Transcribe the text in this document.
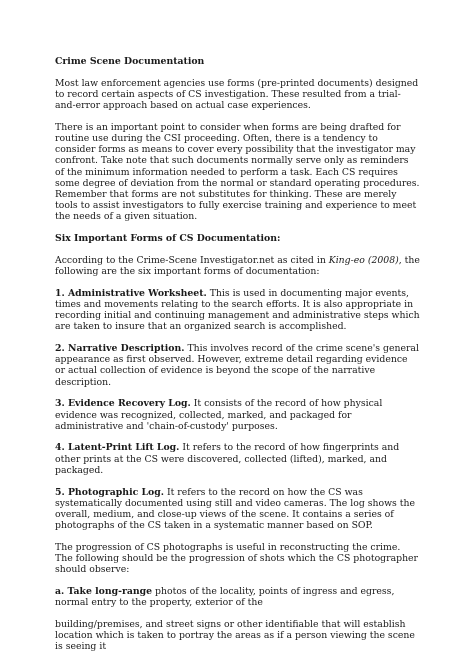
Crime Scene Documentation

Most law enforcement agencies use forms (pre-printed documents) designed to record certain aspects of CS investigation. These resulted from a trial-and-error approach based on actual case experiences.

There is an important point to consider when forms are being drafted for routine use during the CSI proceeding. Often, there is a tendency to consider forms as means to cover every possibility that the investigator may confront. Take note that such documents normally serve only as reminders of the minimum information needed to perform a task. Each CS requires some degree of deviation from the normal or standard operating procedures. Remember that forms are not substitutes for thinking. These are merely tools to assist investigators to fully exercise training and experience to meet the needs of a given situation.

Six Important Forms of CS Documentation:

According to the Crime-Scene Investigator.net as cited in King-eo (2008), the following are the six important forms of documentation:

1. Administrative Worksheet. This is used in documenting major events, times and movements relating to the search efforts. It is also appropriate in recording initial and continuing management and administrative steps which are taken to insure that an organized search is accomplished.

2. Narrative Description. This involves record of the crime scene's general appearance as first observed. However, extreme detail regarding evidence or actual collection of evidence is beyond the scope of the narrative description.

3. Evidence Recovery Log. It consists of the record of how physical evidence was recognized, collected, marked, and packaged for administrative and 'chain-of-custody' purposes.

4. Latent-Print Lift Log. It refers to the record of how fingerprints and other prints at the CS were discovered, collected (lifted), marked, and packaged.

5. Photographic Log. It refers to the record on how the CS was systematically documented using still and video cameras. The log shows the overall, medium, and close-up views of the scene. It contains a series of photographs of the CS taken in a systematic manner based on SOP.

The progression of CS photographs is useful in reconstructing the crime. The following should be the progression of shots which the CS photographer should observe:

a. Take long-range photos of the locality, points of ingress and egress, normal entry to the property, exterior of the

building/premises, and street signs or other identifiable that will establish location which is taken to portray the areas as if a person viewing the scene is seeing it
